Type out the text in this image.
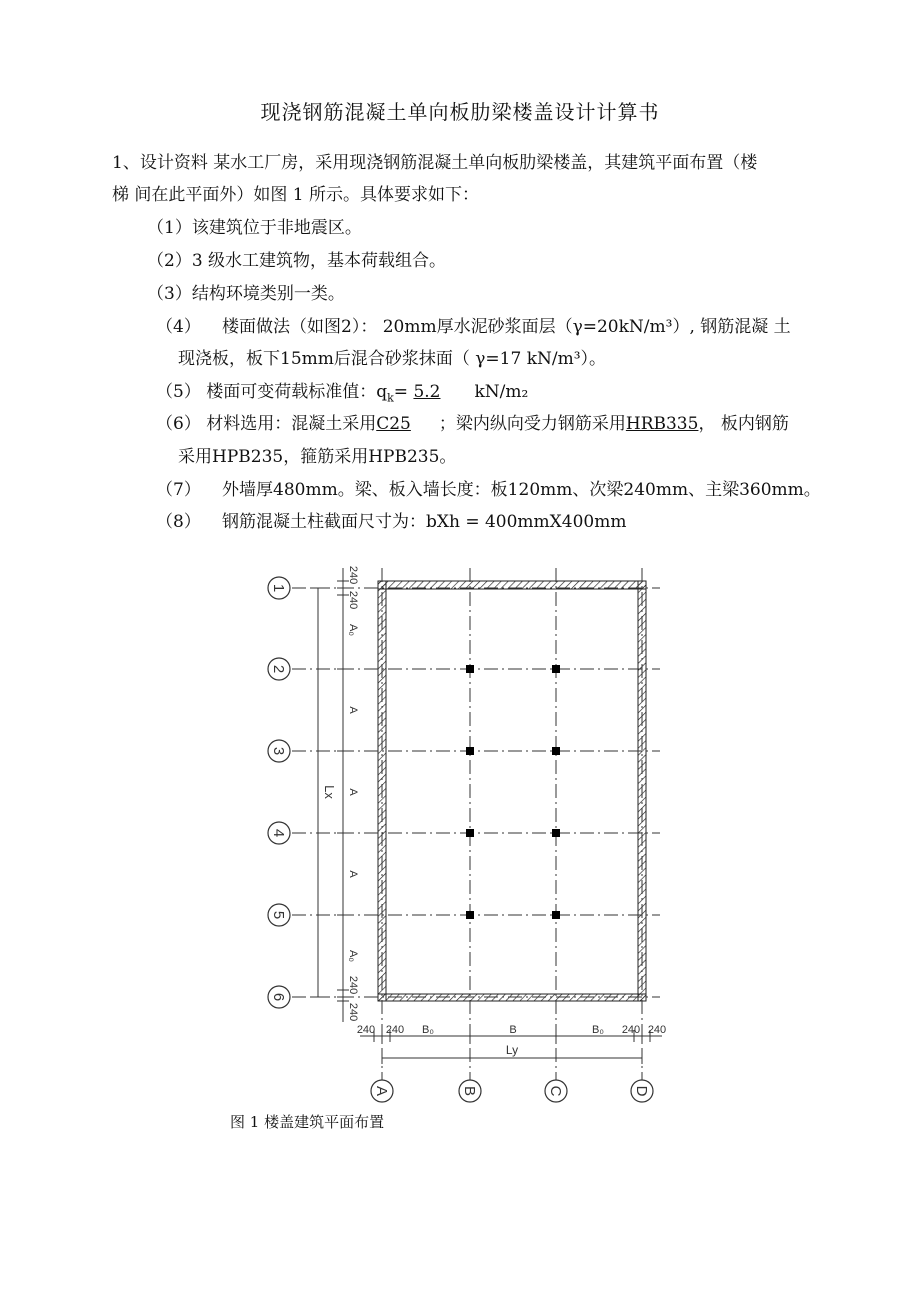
现浇钢筋混凝土单向板肋梁楼盖设计计算书
1、设计资料 某水工厂房，采用现浇钢筋混凝土单向板肋梁楼盖，其建筑平面布置（楼
梯 间在此平面外）如图 1 所示。具体要求如下：
（1）该建筑位于非地震区。
（2）3 级水工建筑物，基本荷载组合。
（3）结构环境类别一类。
（4） 楼面做法（如图2）： 20mm厚水泥砂浆面层（γ=20kN/m³）, 钢筋混凝 土
现浇板，板下15mm后混合砂浆抹面（ γ=17 kN/m³）。
（5） 楼面可变荷载标准值：$q_k= 5.2$ kN/m₂
（6） 材料选用：混凝土采用C25 ；梁内纵向受力钢筋采用HRB335， 板内钢筋
采用HPB235，箍筋采用HPB235。
（7） 外墙厚480mm。梁、板入墙长度：板120mm、次梁240mm、主梁360mm。
（8） 钢筋混凝土柱截面尺寸为：bXh = 400mmX400mm
1
2
3
4
5
6
A	B	C	D
240
240
A₀
A
A
A
A₀
240
240
Lx
240 240 B₀	B	B₀ 240 240
Ly
图 1 楼盖建筑平面布置
